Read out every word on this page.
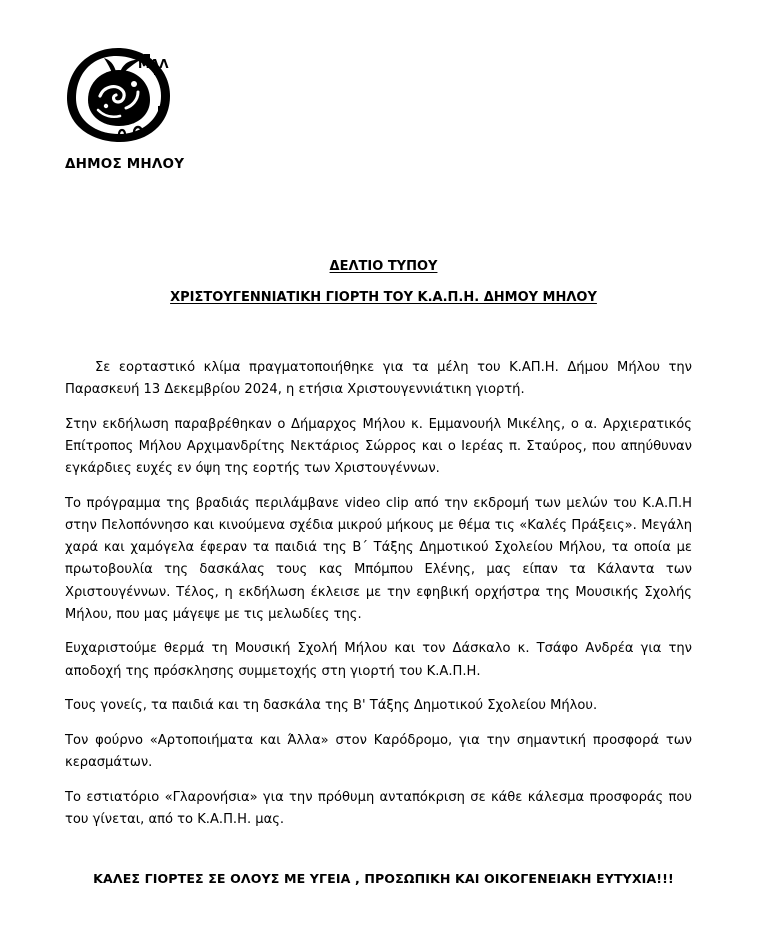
ΜΑΛ
ΔΗΜΟΣ ΜΗΛΟΥ
ΔΕΛΤΙΟ ΤΥΠΟΥ
ΧΡΙΣΤΟΥΓΕΝΝΙΑΤΙΚΗ ΓΙΟΡΤΗ ΤΟΥ Κ.Α.Π.Η. ΔΗΜΟΥ ΜΗΛΟΥ

Σε εορταστικό κλίμα πραγματοποιήθηκε για τα μέλη του Κ.ΑΠ.Η. Δήμου Μήλου την Παρασκευή 13 Δεκεμβρίου 2024, η ετήσια Χριστουγεννιάτικη γιορτή.

Στην εκδήλωση παραβρέθηκαν ο Δήμαρχος Μήλου κ. Εμμανουήλ Μικέλης, ο α. Αρχιερατικός Επίτροπος Μήλου Αρχιμανδρίτης Νεκτάριος Σώρρος και ο Ιερέας π. Σταύρος, που απηύθυναν εγκάρδιες ευχές εν όψη της εορτής των Χριστουγέννων.

Το πρόγραμμα της βραδιάς περιλάμβανε video clip από την εκδρομή των μελών του Κ.Α.Π.Η στην Πελοπόννησο και κινούμενα σχέδια μικρού μήκους με θέμα τις «Καλές Πράξεις». Μεγάλη χαρά και χαμόγελα έφεραν τα παιδιά της Β΄ Τάξης Δημοτικού Σχολείου Μήλου, τα οποία με πρωτοβουλία της δασκάλας τους κας Μπόμπου Ελένης, μας είπαν τα Κάλαντα των Χριστουγέννων. Τέλος, η εκδήλωση έκλεισε με την εφηβική ορχήστρα της Μουσικής Σχολής Μήλου, που μας μάγεψε με τις μελωδίες της.

Ευχαριστούμε θερμά τη Μουσική Σχολή Μήλου και τον Δάσκαλο κ. Τσάφο Ανδρέα για την αποδοχή της πρόσκλησης συμμετοχής στη γιορτή του Κ.Α.Π.Η.

Τους γονείς, τα παιδιά και τη δασκάλα της Β' Τάξης Δημοτικού Σχολείου Μήλου.

Τον φούρνο «Αρτοποιήματα και Άλλα» στον Καρόδρομο, για την σημαντική προσφορά των κερασμάτων.

Το εστιατόριο «Γλαρονήσια» για την πρόθυμη ανταπόκριση σε κάθε κάλεσμα προσφοράς που του γίνεται, από το Κ.Α.Π.Η. μας.

ΚΑΛΕΣ ΓΙΟΡΤΕΣ ΣΕ ΟΛΟΥΣ ΜΕ ΥΓΕΙΑ , ΠΡΟΣΩΠΙΚΗ ΚΑΙ ΟΙΚΟΓΕΝΕΙΑΚΗ ΕΥΤΥΧΙΑ!!!
